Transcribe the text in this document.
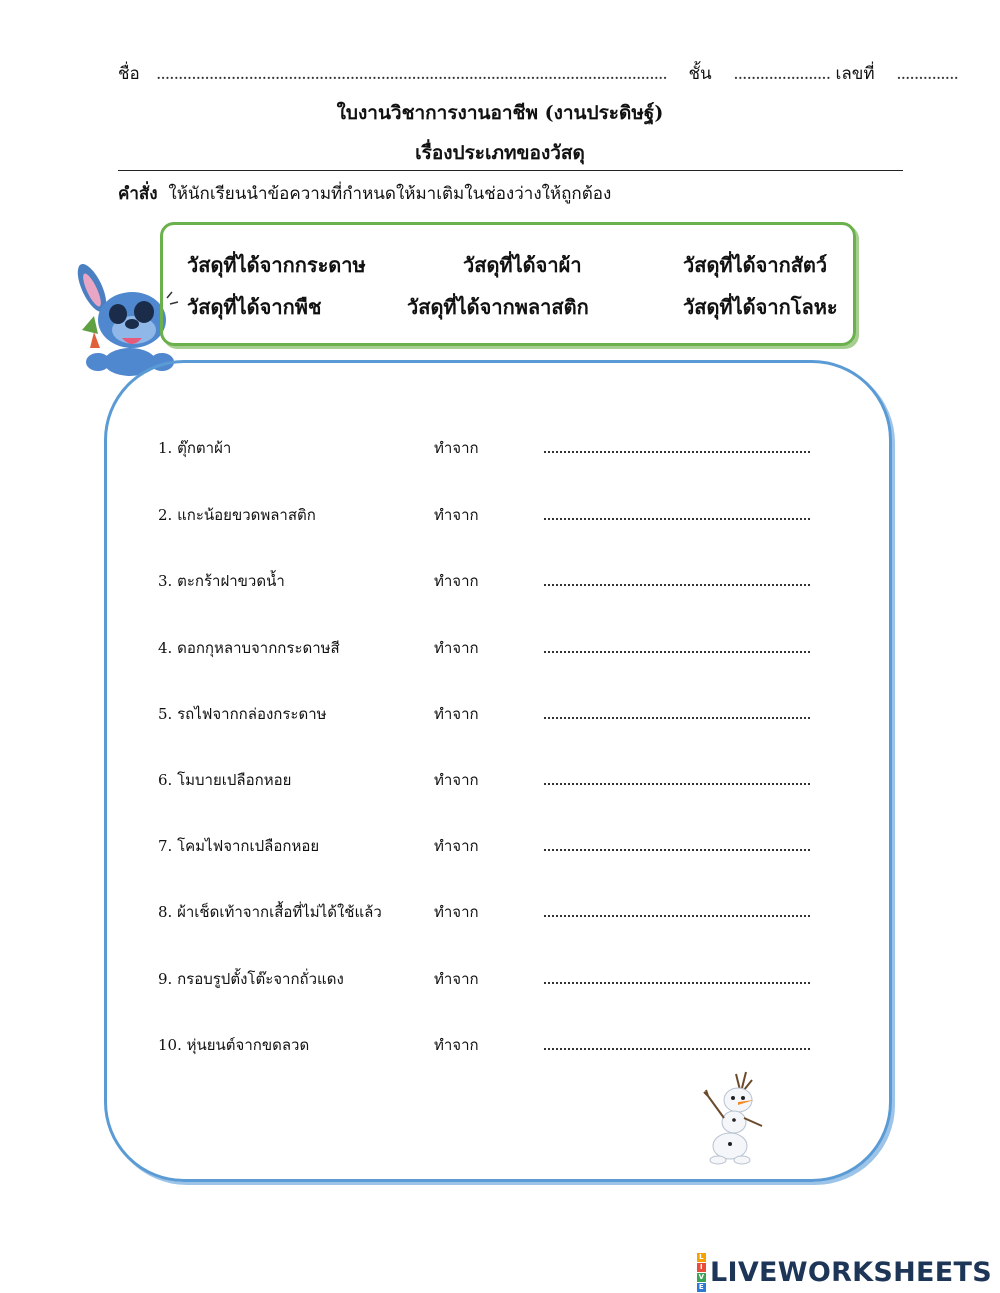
ชื่อ .................................................................................................................... ชั้น ...................... เลขที่ ..............
ใบงานวิชาการงานอาชีพ (งานประดิษฐ์)
เรื่องประเภทของวัสดุ
คำสั่ง ให้นักเรียนนำข้อความที่กำหนดให้มาเติมในช่องว่างให้ถูกต้อง
วัสดุที่ได้จากกระดาษ	วัสดุที่ได้จาผ้า	วัสดุที่ได้จากสัตว์
วัสดุที่ได้จากพืช	วัสดุที่ได้จากพลาสติก	วัสดุที่ได้จากโลหะ
1. ตุ๊กตาผ้า	ทำจาก
2. แกะน้อยขวดพลาสติก	ทำจาก
3. ตะกร้าฝาขวดน้ำ	ทำจาก
4. ดอกกุหลาบจากกระดาษสี	ทำจาก
5. รถไฟจากกล่องกระดาษ	ทำจาก
6. โมบายเปลือกหอย	ทำจาก
7. โคมไฟจากเปลือกหอย	ทำจาก
8. ผ้าเช็ดเท้าจากเสื้อที่ไม่ได้ใช้แล้ว	ทำจาก
9. กรอบรูปตั้งโต๊ะจากถั่วแดง	ทำจาก
10. หุ่นยนต์จากขดลวด	ทำจาก
L
I
V
E LIVEWORKSHEETS
